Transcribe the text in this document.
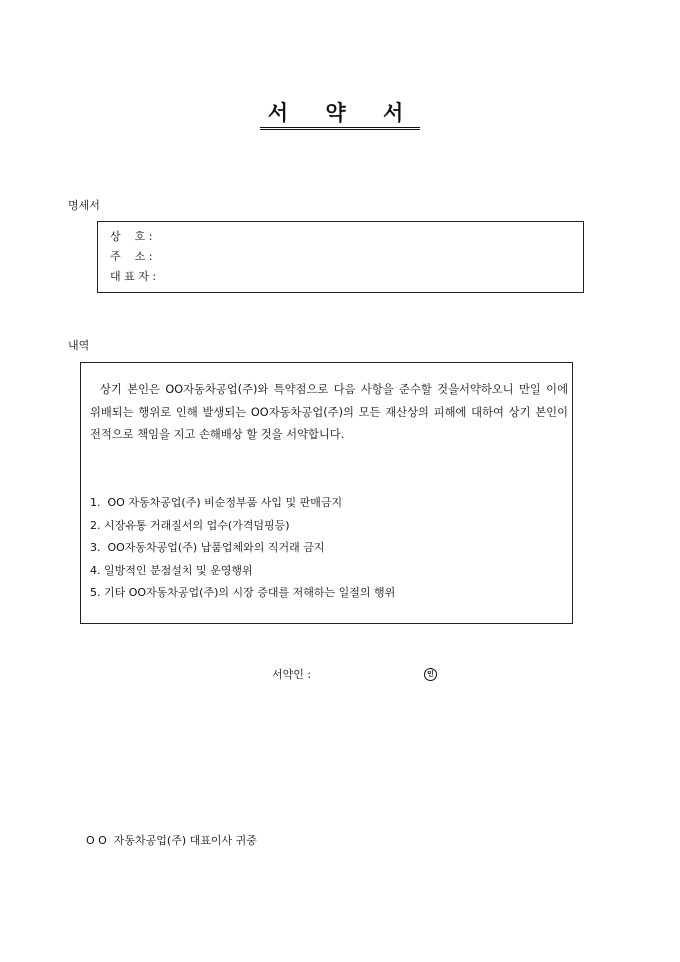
서 약 서
명세서
상    호 :
주    소 :
대 표 자 :
내역
상기 본인은 OO자동차공업(주)와 특약점으로 다음 사항을 준수할 것을서약하오니 만일 이에 위배되는 행위로 인해 발생되는 OO자동차공업(주)의 모든 재산상의 피해에 대하여 상기 본인이 전적으로 책임을 지고 손해배상 할 것을 서약합니다.
1.  OO 자동차공업(주) 비순정부품 사입 및 판매금지
2. 시장유통 거래질서의 업수(가격덤핑등)
3.  OO자동차공업(주) 납품업체와의 직거래 금지
4. 일방적인 분점설치 및 운영행위
5. 기타 OO자동차공업(주)의 시장 증대를 저해하는 일절의 행위
서약인 :	인
O O  자동차공업(주) 대표이사 귀중
